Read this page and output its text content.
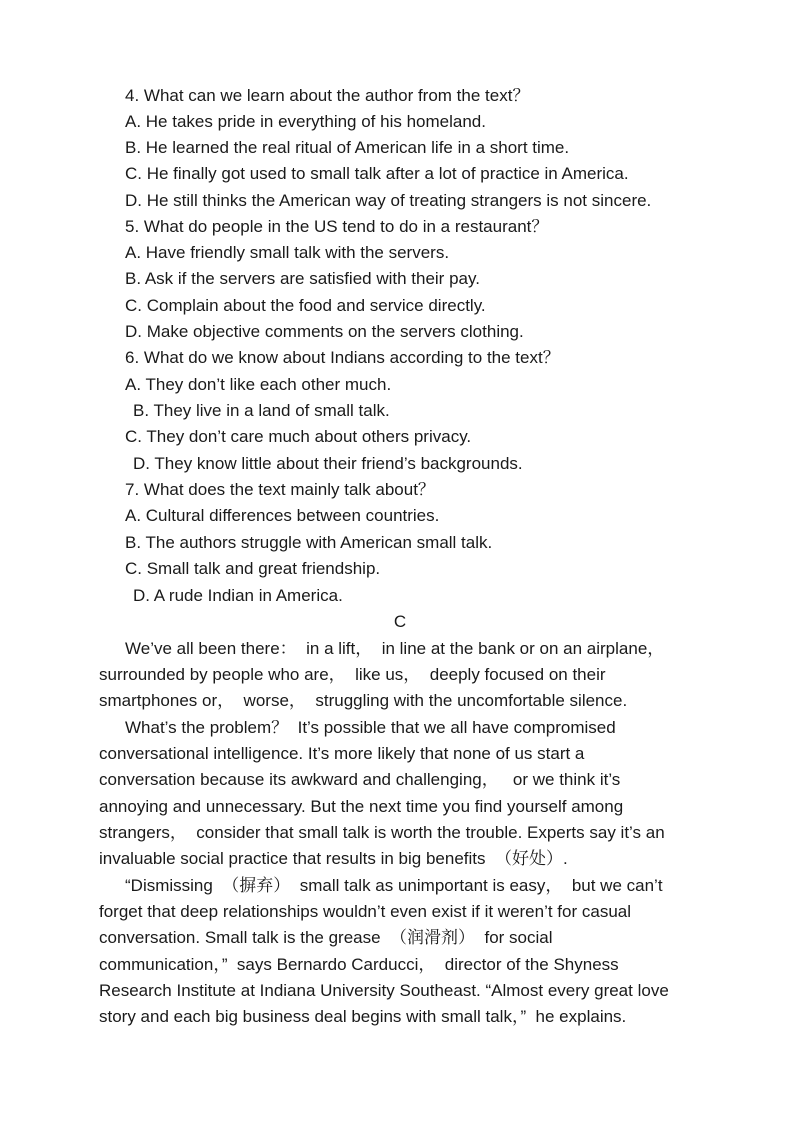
4. What can we learn about the author from the text？

A. He takes pride in everything of his homeland.

B. He learned the real ritual of American life in a short time.

C. He finally got used to small talk after a lot of practice in America.

D. He still thinks the American way of treating strangers is not sincere.

5. What do people in the US tend to do in a restaurant？

A. Have friendly small talk with the servers.

B. Ask if the servers are satisfied with their pay.

C. Complain about the food and service directly.

D. Make objective comments on the servers clothing.

6. What do we know about Indians according to the text？

A. They don’t like each other much.

B. They live in a land of small talk.

C. They don’t care much about others privacy.

D. They know little about their friend’s backgrounds.

7. What does the text mainly talk about？

A. Cultural differences between countries.

B. The authors struggle with American small talk.

C. Small talk and great friendship.

D. A rude Indian in America.

C

We’ve all been there：  in a lift，  in line at the bank or on an airplane，

surrounded by people who are，  like us，  deeply focused on their

smartphones or，  worse，  struggling with the uncomfortable silence.

What’s the problem？  It’s possible that we all have compromised

conversational intelligence. It’s more likely that none of us start a

conversation because its awkward and challenging，   or we think it’s

annoying and unnecessary. But the next time you find yourself among

strangers，  consider that small talk is worth the trouble. Experts say it’s an

invaluable social practice that results in big benefits  （好处）.

“Dismissing  （摒弃）  small talk as unimportant is easy，  but we can’t

forget that deep relationships wouldn’t even exist if it weren’t for casual

conversation. Small talk is the grease  （润滑剂）  for social

communication，”  says Bernardo Carducci，  director of the Shyness

Research Institute at Indiana University Southeast. “Almost every great love

story and each big business deal begins with small talk，”  he explains.
